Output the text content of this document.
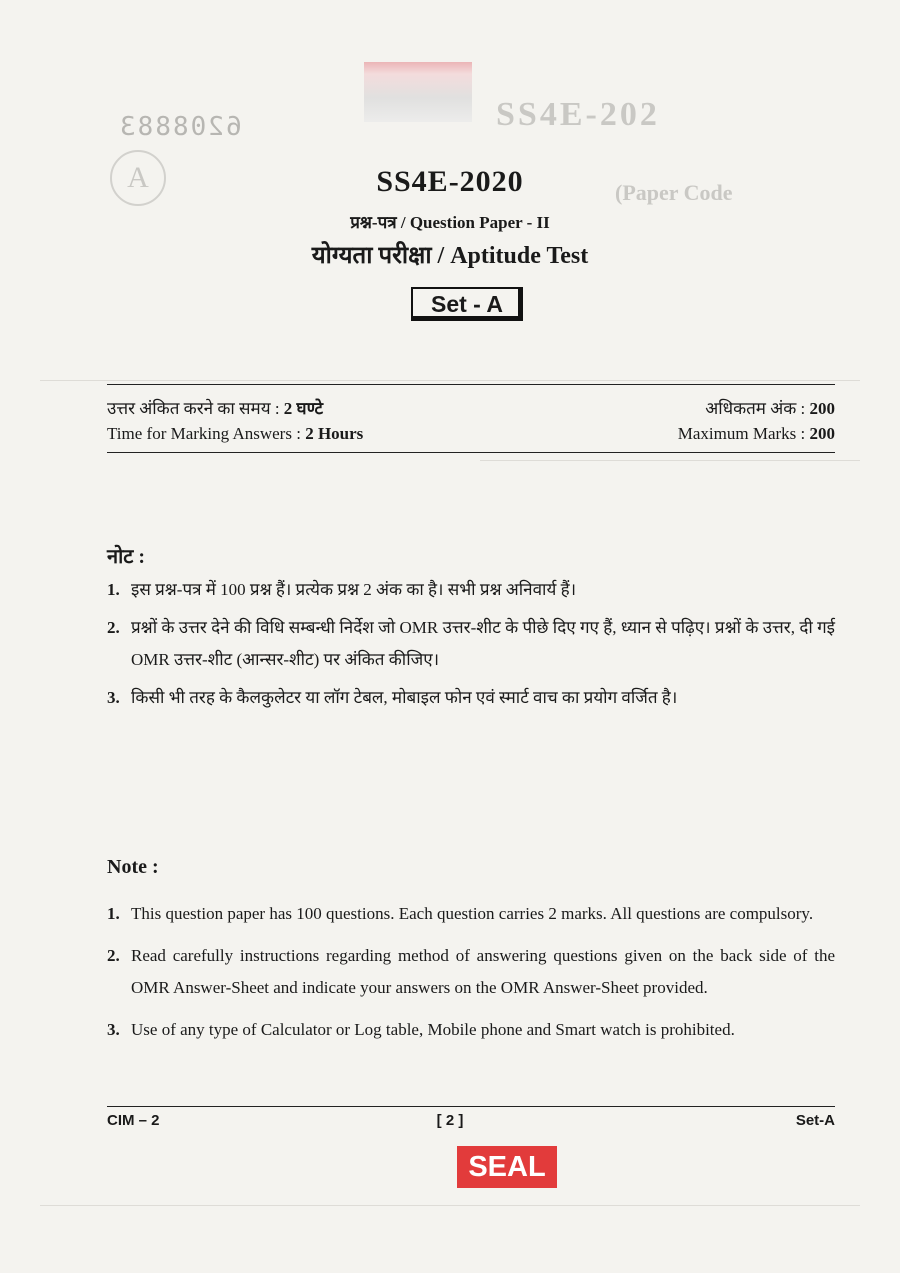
SS4E-202
(Paper Code
A
6208883
SS4E-2020
प्रश्न-पत्र / Question Paper - II
योग्यता परीक्षा / Aptitude Test
Set - A
उत्तर अंकित करने का समय : 2 घण्टे	अधिकतम अंक : 200
Time for Marking Answers : 2 Hours	Maximum Marks : 200
नोट :
1. इस प्रश्न-पत्र में 100 प्रश्न हैं। प्रत्येक प्रश्न 2 अंक का है। सभी प्रश्न अनिवार्य हैं।
2. प्रश्नों के उत्तर देने की विधि सम्बन्धी निर्देश जो OMR उत्तर-शीट के पीछे दिए गए हैं, ध्यान से पढ़िए। प्रश्नों के उत्तर, दी गई OMR उत्तर-शीट (आन्सर-शीट) पर अंकित कीजिए।
3. किसी भी तरह के कैलकुलेटर या लॉग टेबल, मोबाइल फोन एवं स्मार्ट वाच का प्रयोग वर्जित है।
Note :
1. This question paper has 100 questions. Each question carries 2 marks. All questions are compulsory.
2. Read carefully instructions regarding method of answering questions given on the back side of the OMR Answer-Sheet and indicate your answers on the OMR Answer-Sheet provided.
3. Use of any type of Calculator or Log table, Mobile phone and Smart watch is prohibited.
CIM – 2	[ 2 ]	Set-A
SEAL
